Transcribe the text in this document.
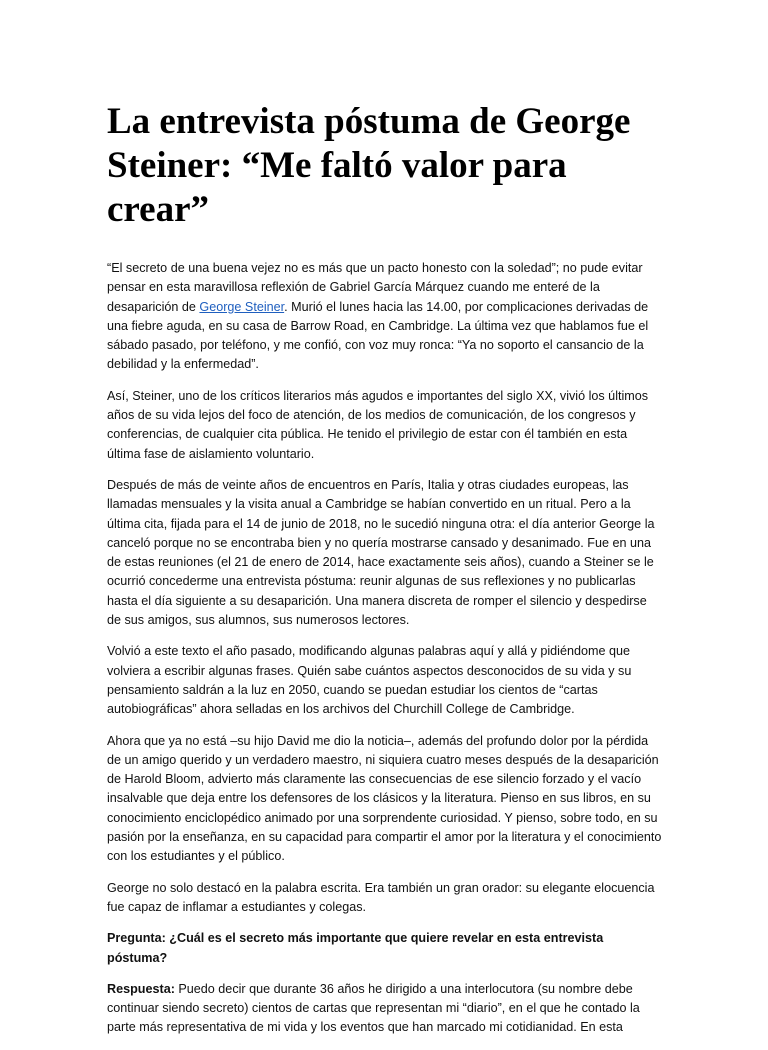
La entrevista póstuma de George Steiner: “Me faltó valor para crear”

“El secreto de una buena vejez no es más que un pacto honesto con la soledad”; no pude evitar pensar en esta maravillosa reflexión de Gabriel García Márquez cuando me enteré de la desaparición de George Steiner. Murió el lunes hacia las 14.00, por complicaciones derivadas de una fiebre aguda, en su casa de Barrow Road, en Cambridge. La última vez que hablamos fue el sábado pasado, por teléfono, y me confió, con voz muy ronca: “Ya no soporto el cansancio de la debilidad y la enfermedad”.

Así, Steiner, uno de los críticos literarios más agudos e importantes del siglo XX, vivió los últimos años de su vida lejos del foco de atención, de los medios de comunicación, de los congresos y conferencias, de cualquier cita pública. He tenido el privilegio de estar con él también en esta última fase de aislamiento voluntario.

Después de más de veinte años de encuentros en París, Italia y otras ciudades europeas, las llamadas mensuales y la visita anual a Cambridge se habían convertido en un ritual. Pero a la última cita, fijada para el 14 de junio de 2018, no le sucedió ninguna otra: el día anterior George la canceló porque no se encontraba bien y no quería mostrarse cansado y desanimado. Fue en una de estas reuniones (el 21 de enero de 2014, hace exactamente seis años), cuando a Steiner se le ocurrió concederme una entrevista póstuma: reunir algunas de sus reflexiones y no publicarlas hasta el día siguiente a su desaparición. Una manera discreta de romper el silencio y despedirse de sus amigos, sus alumnos, sus numerosos lectores.

Volvió a este texto el año pasado, modificando algunas palabras aquí y allá y pidiéndome que volviera a escribir algunas frases. Quién sabe cuántos aspectos desconocidos de su vida y su pensamiento saldrán a la luz en 2050, cuando se puedan estudiar los cientos de “cartas autobiográficas” ahora selladas en los archivos del Churchill College de Cambridge.

Ahora que ya no está –su hijo David me dio la noticia–, además del profundo dolor por la pérdida de un amigo querido y un verdadero maestro, ni siquiera cuatro meses después de la desaparición de Harold Bloom, advierto más claramente las consecuencias de ese silencio forzado y el vacío insalvable que deja entre los defensores de los clásicos y la literatura. Pienso en sus libros, en su conocimiento enciclopédico animado por una sorprendente curiosidad. Y pienso, sobre todo, en su pasión por la enseñanza, en su capacidad para compartir el amor por la literatura y el conocimiento con los estudiantes y el público.

George no solo destacó en la palabra escrita. Era también un gran orador: su elegante elocuencia fue capaz de inflamar a estudiantes y colegas.

Pregunta: ¿Cuál es el secreto más importante que quiere revelar en esta entrevista póstuma?

Respuesta: Puedo decir que durante 36 años he dirigido a una interlocutora (su nombre debe continuar siendo secreto) cientos de cartas que representan mi “diario”, en el que he contado la parte más representativa de mi vida y los eventos que han marcado mi cotidianidad. En esta
